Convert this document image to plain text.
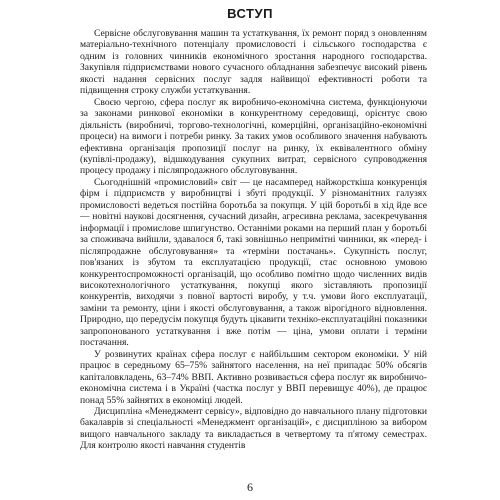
ВСТУП

Сервісне обслуговування машин та устаткування, їх ремонт поряд з оновленням матеріально-технічного потенціалу промисловості і сільського господарства є одним із головних чинників економічного зростання народного господарства. Закупівля підприємствами нового сучасного обладнання забезпечує високий рівень якості надання сервісних послуг задля найвищої ефективності роботи та підвищення строку служби устаткування.

Своєю чергою, сфера послуг як виробничо-економічна система, функціонуючи за законами ринкової економіки в конкурентному середовищі, орієнтує свою діяльність (виробничі, торгово-технологічні, комерційні, організаційно-економічні процеси) на вимоги і потреби ринку. За таких умов особливого значення набувають ефективна організація пропозиції послуг на ринку, їх еквівалентного обміну (купівлі-продажу), відшкодування сукупних витрат, сервісного супроводження процесу продажу і післяпродажного обслуговування.

Сьогоднішній «промисловий» світ — це насамперед найжорсткіша конкуренція фірм і підприємств у виробництві і збуті продукції. У різноманітних галузях промисловості ведеться постійна боротьба за покупця. У цій боротьбі в хід йде все — новітні наукові досягнення, сучасний дизайн, агресивна реклама, засекречування інформації і промислове шпигунство. Останніми роками на перший план у боротьбі за споживача вийшли, здавалося б, такі зовнішньо непримітні чинники, як «перед- і післяпродажне обслуговування» та «терміни постачань». Сукупність послуг, пов'язаних із збутом та експлуатацією продукції, стає основною умовою конкурентоспроможності організацій, що особливо помітно щодо численних видів високотехнологічного устаткування, покупці якого зіставляють пропозиції конкурентів, виходячи з повної вартості виробу, у т.ч. умови його експлуатації, заміни та ремонту, ціни і якості обслуговування, а також вірогідного відновлення. Природно, що передусім покупця будуть цікавити техніко-експлуатаційні показники запропонованого устаткування і вже потім — ціна, умови оплати і терміни постачання.

У розвинутих країнах сфера послуг є найбільшим сектором економіки. У ній працює в середньому 65–75% зайнятого населення, на неї припадає 50% обсягів капіталовкладень, 63–74% ВВП. Активно розвивається сфера послуг як виробничо-економічна система і в Україні (частка послуг у ВВП перевищує 40%), де працює понад 55% зайнятих в економіці людей.

Дисципліна «Менеджмент сервісу», відповідно до навчального плану підготовки бакалаврів зі спеціальності «Менеджмент організацій», є дисципліною за вибором вищого навчального закладу та викладається в четвертому та п'ятому семестрах. Для контролю якості навчання студентів

6
